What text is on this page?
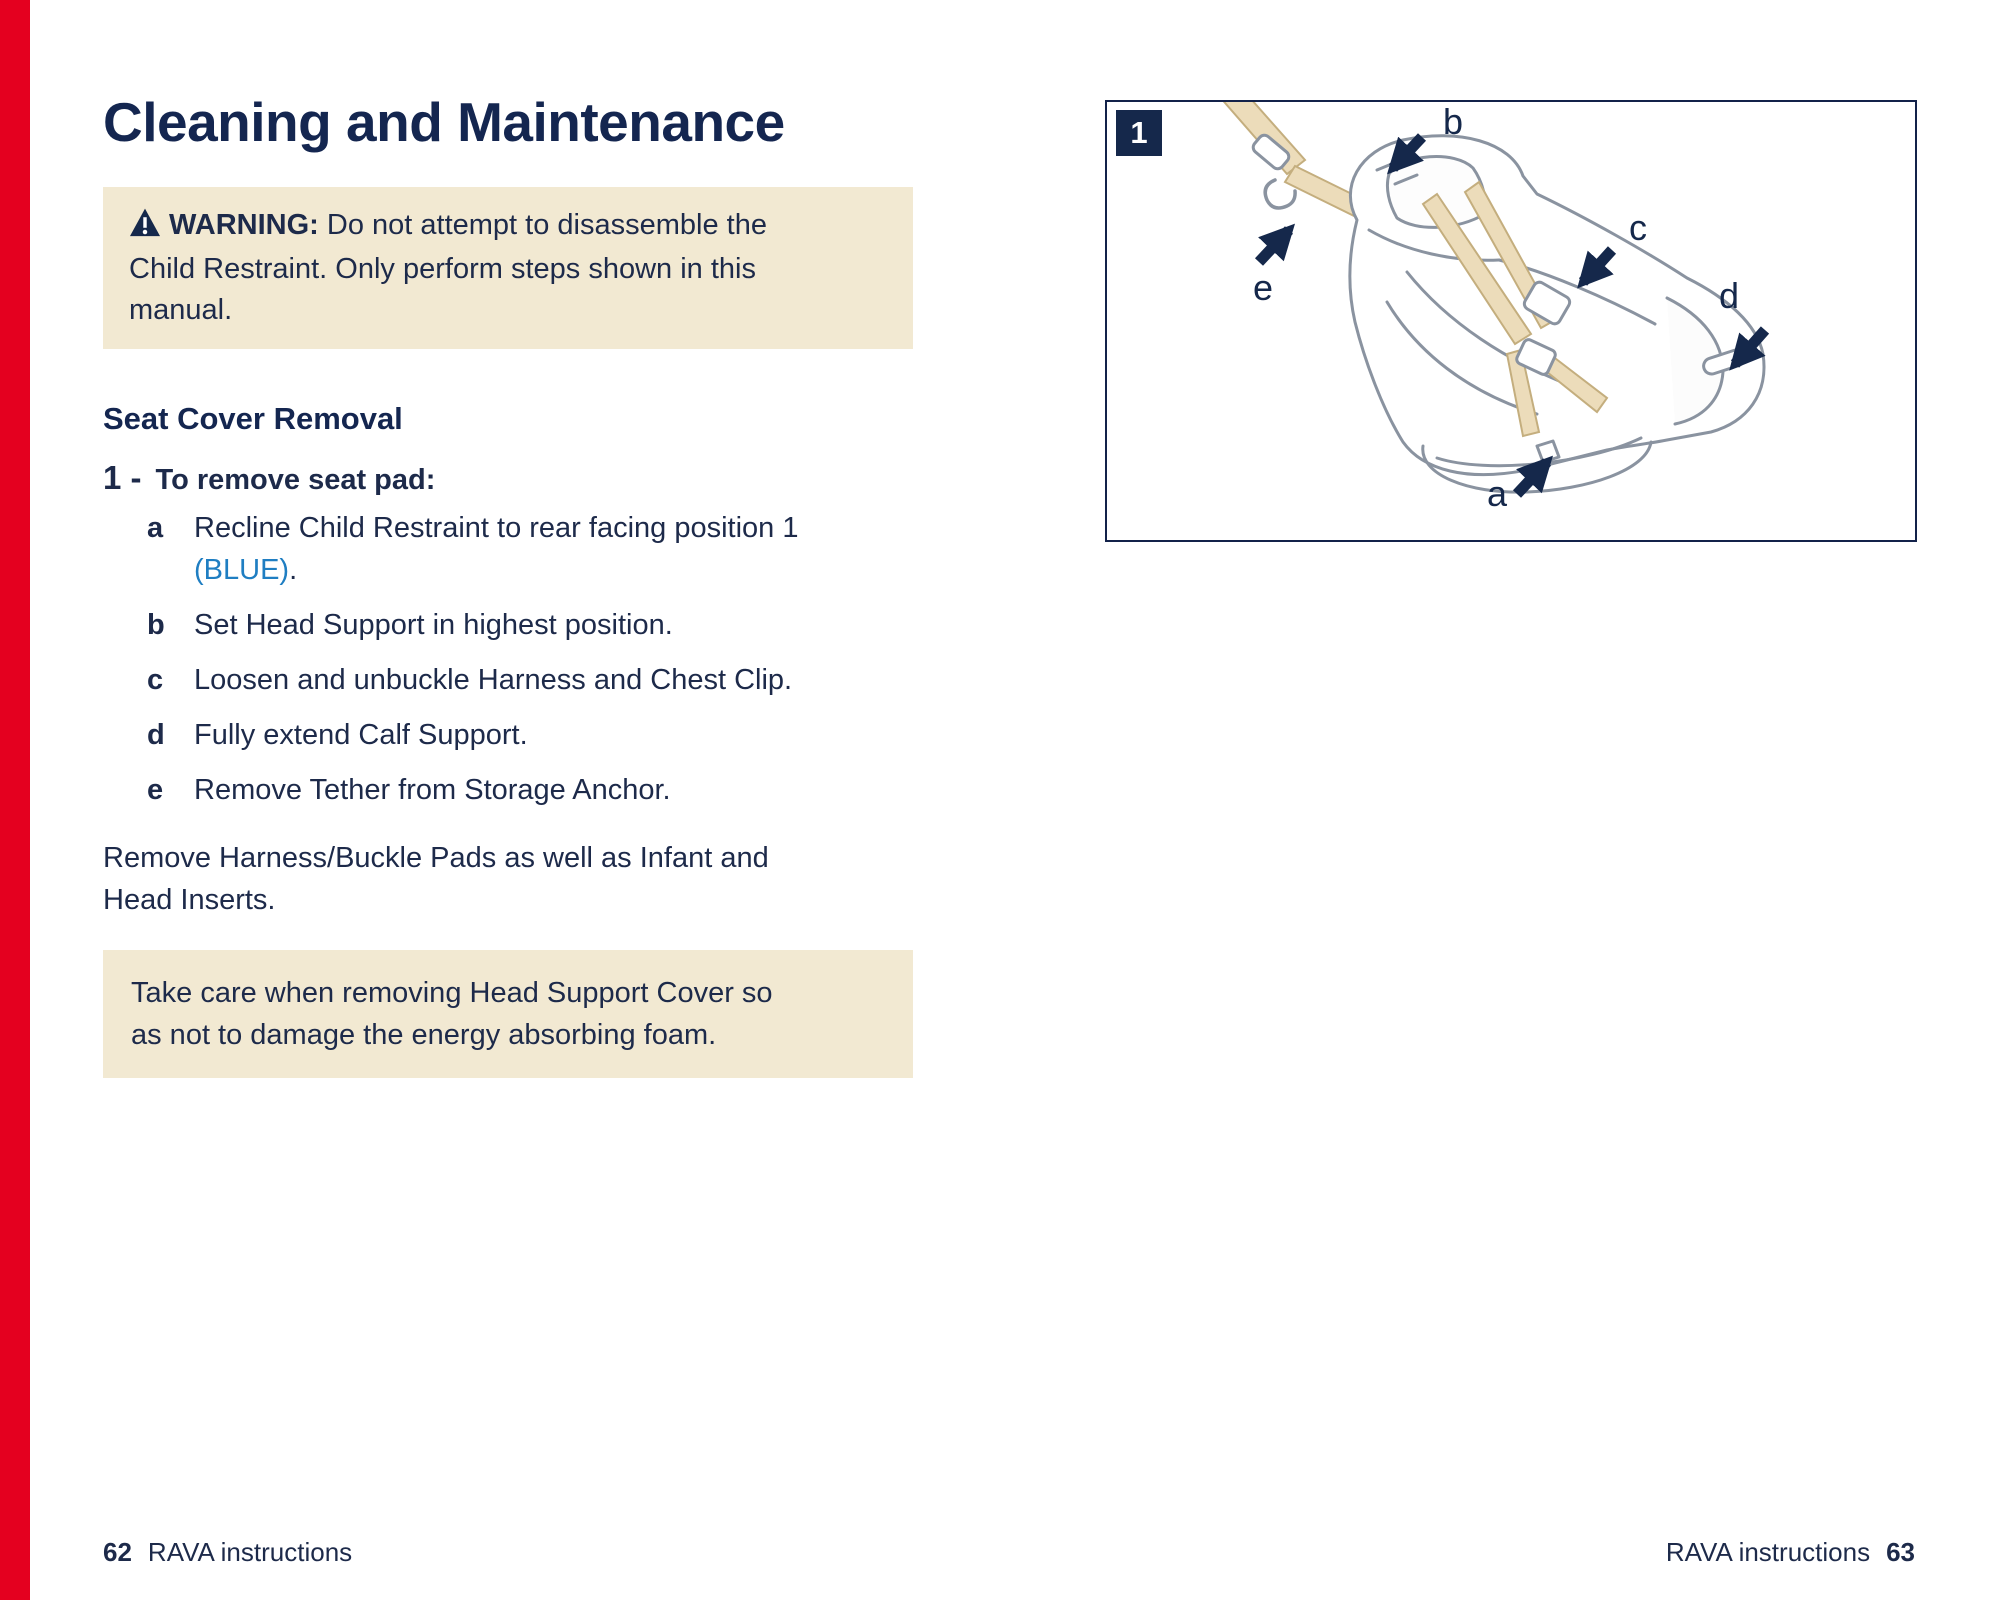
Cleaning and Maintenance
WARNING: Do not attempt to disassemble the Child Restraint. Only perform steps shown in this manual.
Seat Cover Removal
1 - To remove seat pad:
a	Recline Child Restraint to rear facing position 1 (BLUE).
b	Set Head Support in highest position.
c	Loosen and unbuckle Harness and Chest Clip.
d	Fully extend Calf Support.
e	Remove Tether from Storage Anchor.

Remove Harness/Buckle Pads as well as Infant and Head Inserts.

Take care when removing Head Support Cover so as not to damage the energy absorbing foam.
1	b
c
d
e
a
62 RAVA instructions	RAVA instructions 63
